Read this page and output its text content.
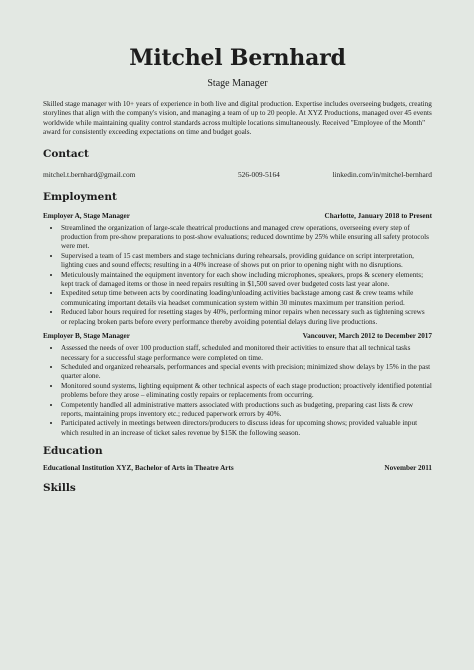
Mitchel Bernhard
Stage Manager
Skilled stage manager with 10+ years of experience in both live and digital production. Expertise includes overseeing budgets, creating storylines that align with the company's vision, and managing a team of up to 20 people. At XYZ Productions, managed over 45 events worldwide while maintaining quality control standards across multiple locations simultaneously. Received "Employee of the Month" award for consistently exceeding expectations on time and budget goals.
Contact
mitchel.t.bernhard@gmail.com	526-009-5164	linkedin.com/in/mitchel-bernhard
Employment
Employer A, Stage Manager	Charlotte, January 2018 to Present
• Streamlined the organization of large-scale theatrical productions and managed crew operations, overseeing every step of production from pre-show preparations to post-show evaluations; reduced downtime by 25% while ensuring all safety protocols were met.
• Supervised a team of 15 cast members and stage technicians during rehearsals, providing guidance on script interpretation, lighting cues and sound effects; resulting in a 40% increase of shows put on prior to opening night with no disruptions.
• Meticulously maintained the equipment inventory for each show including microphones, speakers, props & scenery elements; kept track of damaged items or those in need repairs resulting in $1,500 saved over budgeted costs last year alone.
• Expedited setup time between acts by coordinating loading/unloading activities backstage among cast & crew teams while communicating important details via headset communication system within 30 minutes maximum per transition period.
• Reduced labor hours required for resetting stages by 40%, performing minor repairs when necessary such as tightening screws or replacing broken parts before every performance thereby avoiding potential delays during live productions.
Employer B, Stage Manager	Vancouver, March 2012 to December 2017
• Assessed the needs of over 100 production staff, scheduled and monitored their activities to ensure that all technical tasks necessary for a successful stage performance were completed on time.
• Scheduled and organized rehearsals, performances and special events with precision; minimized show delays by 15% in the past quarter alone.
• Monitored sound systems, lighting equipment & other technical aspects of each stage production; proactively identified potential problems before they arose – eliminating costly repairs or replacements from occurring.
• Competently handled all administrative matters associated with productions such as budgeting, preparing cast lists & crew reports, maintaining props inventory etc.; reduced paperwork errors by 40%.
• Participated actively in meetings between directors/producers to discuss ideas for upcoming shows; provided valuable input which resulted in an increase of ticket sales revenue by $15K the following season.
Education
Educational Institution XYZ, Bachelor of Arts in Theatre Arts	November 2011
Skills
